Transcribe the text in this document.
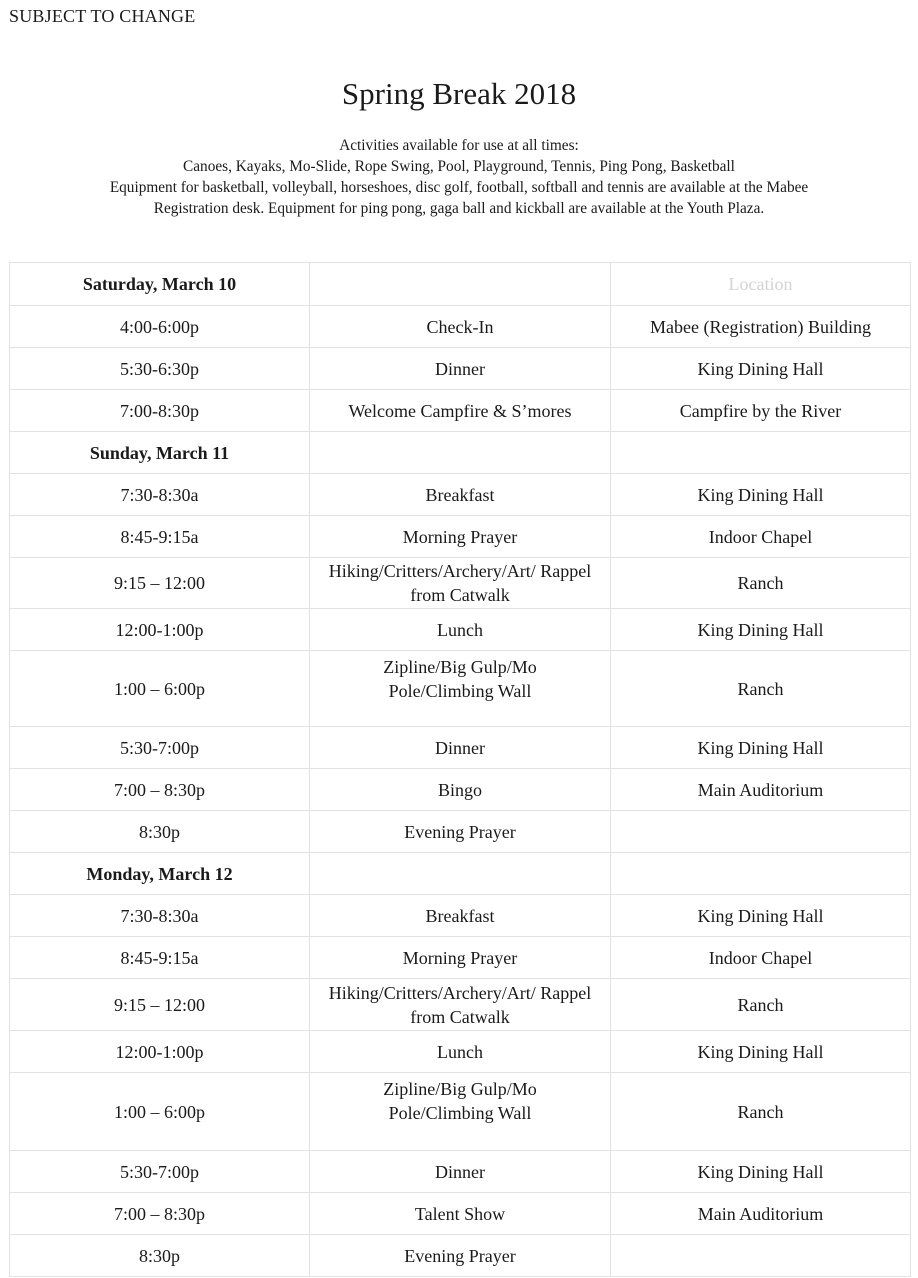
SUBJECT TO CHANGE
Spring Break 2018
Activities available for use at all times:
Canoes, Kayaks, Mo-Slide, Rope Swing, Pool, Playground, Tennis, Ping Pong, Basketball
Equipment for basketball, volleyball, horseshoes, disc golf, football, softball and tennis are available at the Mabee
Registration desk. Equipment for ping pong, gaga ball and kickball are available at the Youth Plaza.
Saturday, March 10		Location
4:00-6:00p	Check-In	Mabee (Registration) Building
5:30-6:30p	Dinner	King Dining Hall
7:00-8:30p	Welcome Campfire & S’mores	Campfire by the River
Sunday, March 11		
7:30-8:30a	Breakfast	King Dining Hall
8:45-9:15a	Morning Prayer	Indoor Chapel
9:15 – 12:00	Hiking/Critters/Archery/Art/ Rappel from Catwalk	Ranch
12:00-1:00p	Lunch	King Dining Hall
1:00 – 6:00p	Zipline/Big Gulp/Mo Pole/Climbing Wall	Ranch
5:30-7:00p	Dinner	King Dining Hall
7:00 – 8:30p	Bingo	Main Auditorium
8:30p	Evening Prayer	
Monday, March 12		
7:30-8:30a	Breakfast	King Dining Hall
8:45-9:15a	Morning Prayer	Indoor Chapel
9:15 – 12:00	Hiking/Critters/Archery/Art/ Rappel from Catwalk	Ranch
12:00-1:00p	Lunch	King Dining Hall
1:00 – 6:00p	Zipline/Big Gulp/Mo Pole/Climbing Wall	Ranch
5:30-7:00p	Dinner	King Dining Hall
7:00 – 8:30p	Talent Show	Main Auditorium
8:30p	Evening Prayer	
